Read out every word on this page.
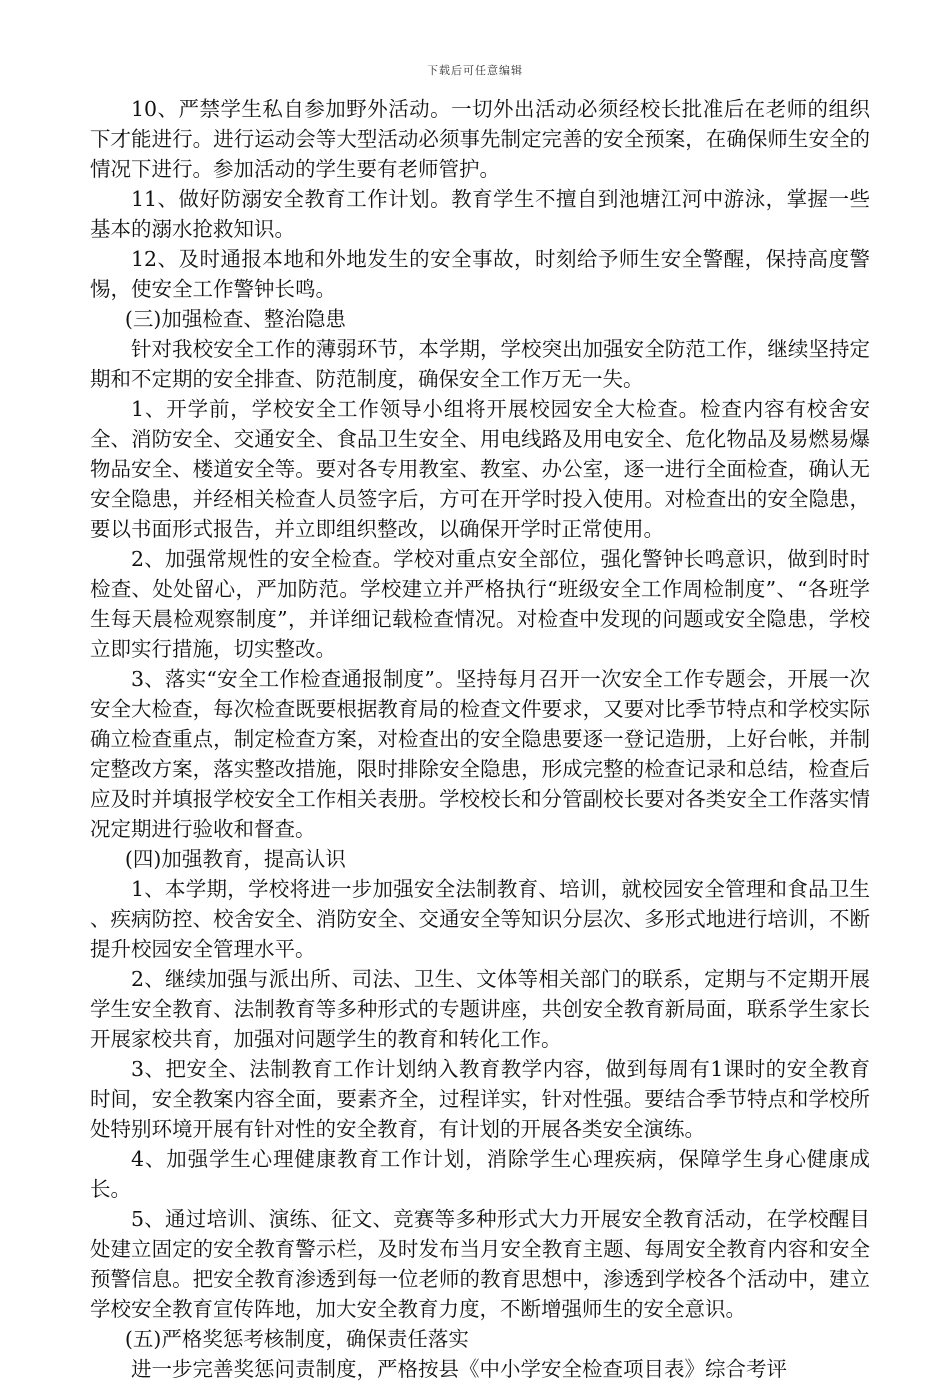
下载后可任意编辑

10、严禁学生私自参加野外活动。一切外出活动必须经校长批准后在老师的组织下才能进行。进行运动会等大型活动必须事先制定完善的安全预案，在确保师生安全的情况下进行。参加活动的学生要有老师管护。

11、做好防溺安全教育工作计划。教育学生不擅自到池塘江河中游泳，掌握一些基本的溺水抢救知识。

12、及时通报本地和外地发生的安全事故，时刻给予师生安全警醒，保持高度警惕，使安全工作警钟长鸣。

(三)加强检查、整治隐患

针对我校安全工作的薄弱环节，本学期，学校突出加强安全防范工作，继续坚持定期和不定期的安全排查、防范制度，确保安全工作万无一失。

1、开学前，学校安全工作领导小组将开展校园安全大检查。检查内容有校舍安全、消防安全、交通安全、食品卫生安全、用电线路及用电安全、危化物品及易燃易爆物品安全、楼道安全等。要对各专用教室、教室、办公室，逐一进行全面检查，确认无安全隐患，并经相关检查人员签字后，方可在开学时投入使用。对检查出的安全隐患，要以书面形式报告，并立即组织整改，以确保开学时正常使用。

2、加强常规性的安全检查。学校对重点安全部位，强化警钟长鸣意识，做到时时检查、处处留心，严加防范。学校建立并严格执行“班级安全工作周检制度”、“各班学生每天晨检观察制度”，并详细记载检查情况。对检查中发现的问题或安全隐患，学校立即实行措施，切实整改。

3、落实“安全工作检查通报制度”。坚持每月召开一次安全工作专题会，开展一次安全大检查，每次检查既要根据教育局的检查文件要求，又要对比季节特点和学校实际确立检查重点，制定检查方案，对检查出的安全隐患要逐一登记造册，上好台帐，并制定整改方案，落实整改措施，限时排除安全隐患，形成完整的检查记录和总结，检查后应及时并填报学校安全工作相关表册。学校校长和分管副校长要对各类安全工作落实情况定期进行验收和督查。

(四)加强教育，提高认识

1、本学期，学校将进一步加强安全法制教育、培训，就校园安全管理和食品卫生 、疾病防控、校舍安全、消防安全、交通安全等知识分层次、多形式地进行培训，不断提升校园安全管理水平。

2、继续加强与派出所、司法、卫生、文体等相关部门的联系，定期与不定期开展学生安全教育、法制教育等多种形式的专题讲座，共创安全教育新局面，联系学生家长开展家校共育，加强对问题学生的教育和转化工作。

3、把安全、法制教育工作计划纳入教育教学内容，做到每周有1课时的安全教育时间，安全教案内容全面，要素齐全，过程详实，针对性强。要结合季节特点和学校所处特别环境开展有针对性的安全教育，有计划的开展各类安全演练。

4、加强学生心理健康教育工作计划，消除学生心理疾病，保障学生身心健康成长。

5、通过培训、演练、征文、竞赛等多种形式大力开展安全教育活动，在学校醒目处建立固定的安全教育警示栏，及时发布当月安全教育主题、每周安全教育内容和安全预警信息。把安全教育渗透到每一位老师的教育思想中，渗透到学校各个活动中，建立学校安全教育宣传阵地，加大安全教育力度，不断增强师生的安全意识。

(五)严格奖惩考核制度，确保责任落实

进一步完善奖惩问责制度，严格按县《中小学安全检查项目表》综合考评
